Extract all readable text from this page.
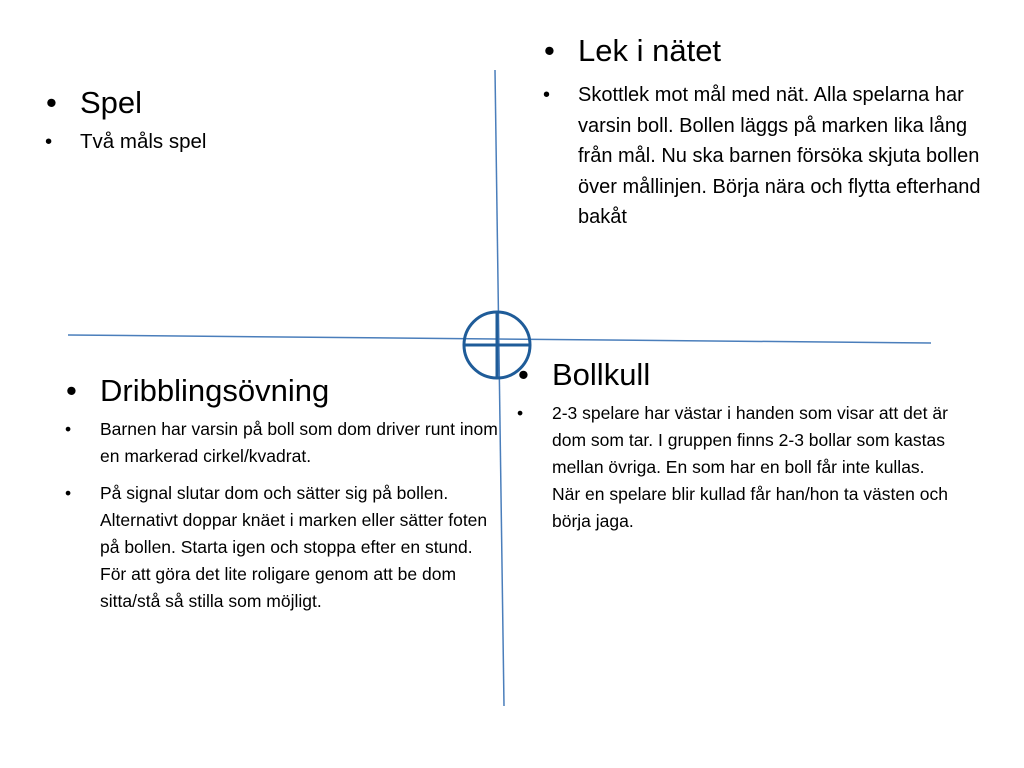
• Spel
• Två måls spel
• Lek i nätet
• Skottlek mot mål med nät. Alla spelarna har varsin boll. Bollen läggs på marken lika lång från mål. Nu ska barnen försöka skjuta bollen över mållinjen. Börja nära och flytta efterhand bakåt
• Dribblingsövning
• Barnen har varsin på boll som dom driver runt inom en markerad cirkel/kvadrat.
• På signal slutar dom och sätter sig på bollen. Alternativt doppar knäet i marken eller sätter foten på bollen. Starta igen och stoppa efter en stund. För att göra det lite roligare genom att be dom sitta/stå så stilla som möjligt.
• Bollkull
• 2-3 spelare har västar i handen som visar att det är dom som tar. I gruppen finns 2-3 bollar som kastas mellan övriga. En som har en boll får inte kullas. När en spelare blir kullad får han/hon ta västen och börja jaga.
